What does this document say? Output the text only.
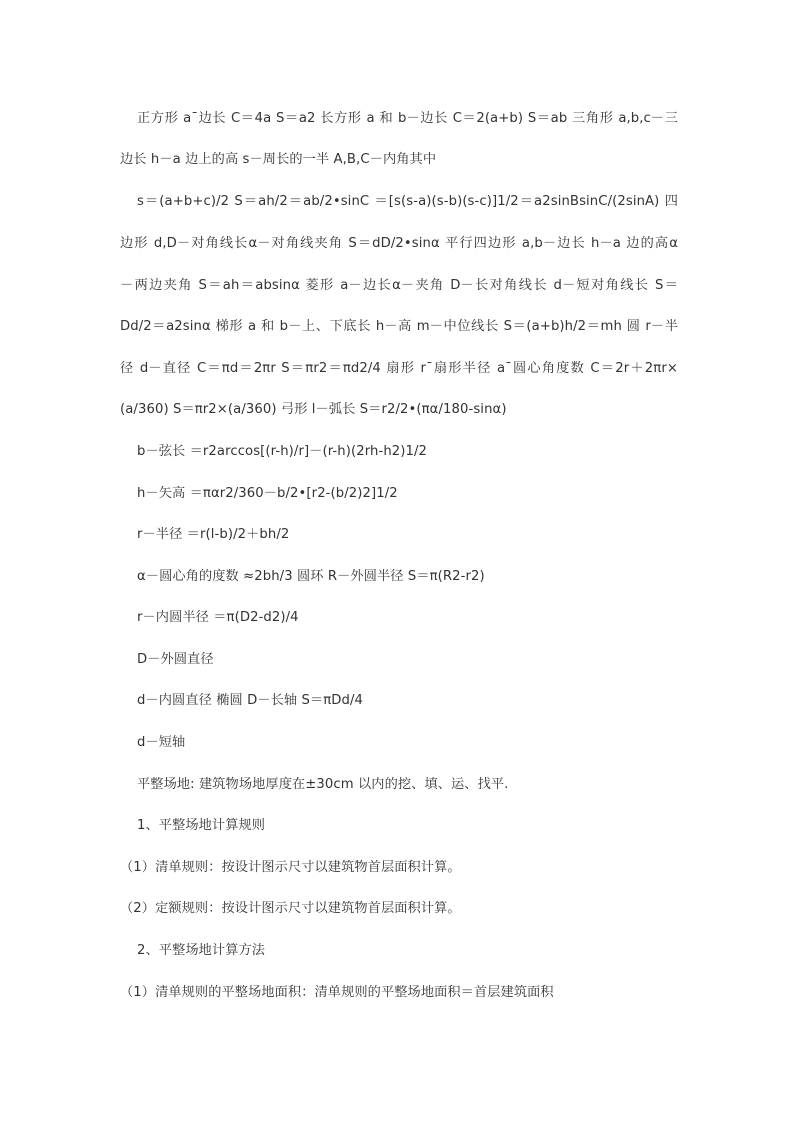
正方形 a¯边长 C＝4a S＝a2 长方形 a 和 b－边长 C＝2(a+b) S＝ab 三角形 a,b,c－三
边长 h－a 边上的高 s－周长的一半 A,B,C－内角其中
s＝(a+b+c)/2 S＝ah/2＝ab/2•sinC ＝[s(s-a)(s-b)(s-c)]1/2＝a2sinBsinC/(2sinA) 四
边形 d,D－对角线长α－对角线夹角 S＝dD/2•sinα 平行四边形 a,b－边长 h－a 边的高α
－两边夹角 S＝ah＝absinα 菱形 a－边长α－夹角 D－长对角线长 d－短对角线长 S＝
Dd/2＝a2sinα 梯形 a 和 b－上、下底长 h－高 m－中位线长 S＝(a+b)h/2＝mh 圆 r－半
径 d－直径 C＝πd＝2πr S＝πr2＝πd2/4 扇形 r¯扇形半径 a¯圆心角度数 C＝2r＋2πr×
(a/360) S＝πr2×(a/360) 弓形 l－弧长 S＝r2/2•(πα/180-sinα)
b－弦长 ＝r2arccos[(r-h)/r]－(r-h)(2rh-h2)1/2
h－矢高 ＝παr2/360－b/2•[r2-(b/2)2]1/2
r－半径 ＝r(l-b)/2＋bh/2
α－圆心角的度数 ≈2bh/3 圆环 R－外圆半径 S＝π(R2-r2)
r－内圆半径 ＝π(D2-d2)/4
D－外圆直径
d－内圆直径 椭圆 D－长轴 S＝πDd/4
d－短轴
平整场地: 建筑物场地厚度在±30cm 以内的挖、填、运、找平.
1、平整场地计算规则
（1）清单规则：按设计图示尺寸以建筑物首层面积计算。
（2）定额规则：按设计图示尺寸以建筑物首层面积计算。
2、平整场地计算方法
（1）清单规则的平整场地面积：清单规则的平整场地面积＝首层建筑面积
